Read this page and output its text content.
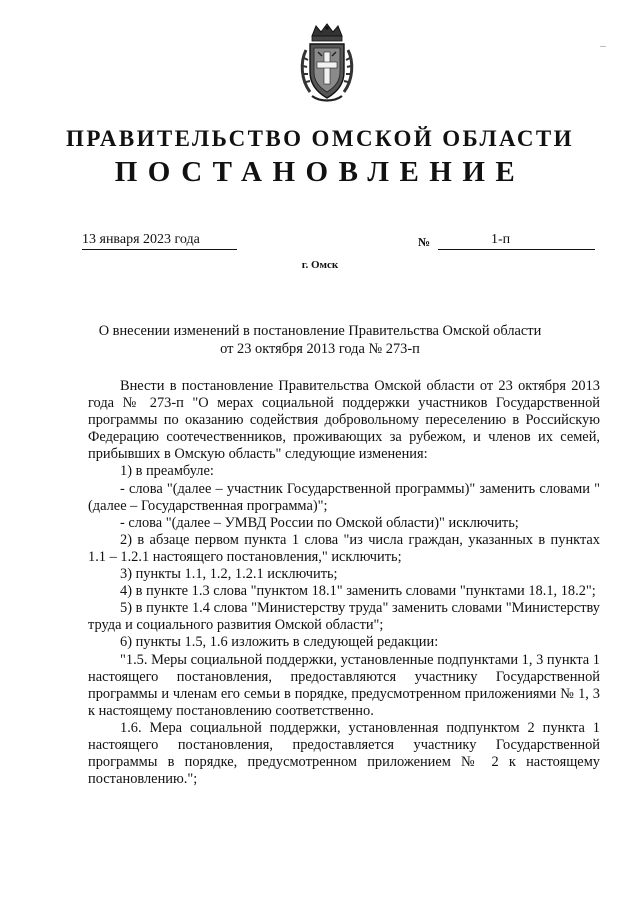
ПРАВИТЕЛЬСТВО ОМСКОЙ ОБЛАСТИ
ПОСТАНОВЛЕНИЕ
13 января 2023 года	№	1-п
г. Омск
О внесении изменений в постановление Правительства Омской области
от 23 октября 2013 года № 273-п

Внести в постановление Правительства Омской области от 23 октября 2013 года № 273-п "О мерах социальной поддержки участников Государственной программы по оказанию содействия добровольному переселению в Российскую Федерацию соотечественников, проживающих за рубежом, и членов их семей, прибывших в Омскую область" следующие изменения:

1) в преамбуле:

- слова "(далее – участник Государственной программы)" заменить словами "(далее – Государственная программа)";

- слова "(далее – УМВД России по Омской области)" исключить;

2) в абзаце первом пункта 1 слова "из числа граждан, указанных в пунктах 1.1 – 1.2.1 настоящего постановления," исключить;

3) пункты 1.1, 1.2, 1.2.1 исключить;

4) в пункте 1.3 слова "пунктом 18.1" заменить словами "пунктами 18.1, 18.2";

5) в пункте 1.4 слова "Министерству труда" заменить словами "Министерству труда и социального развития Омской области";

6) пункты 1.5, 1.6 изложить в следующей редакции:

"1.5. Меры социальной поддержки, установленные подпунктами 1, 3 пункта 1 настоящего постановления, предоставляются участнику Государственной программы и членам его семьи в порядке, предусмотренном приложениями № 1, 3 к настоящему постановлению соответственно.

1.6. Мера социальной поддержки, установленная подпунктом 2 пункта 1 настоящего постановления, предоставляется участнику Государственной программы в порядке, предусмотренном приложением № 2 к настоящему постановлению.";
